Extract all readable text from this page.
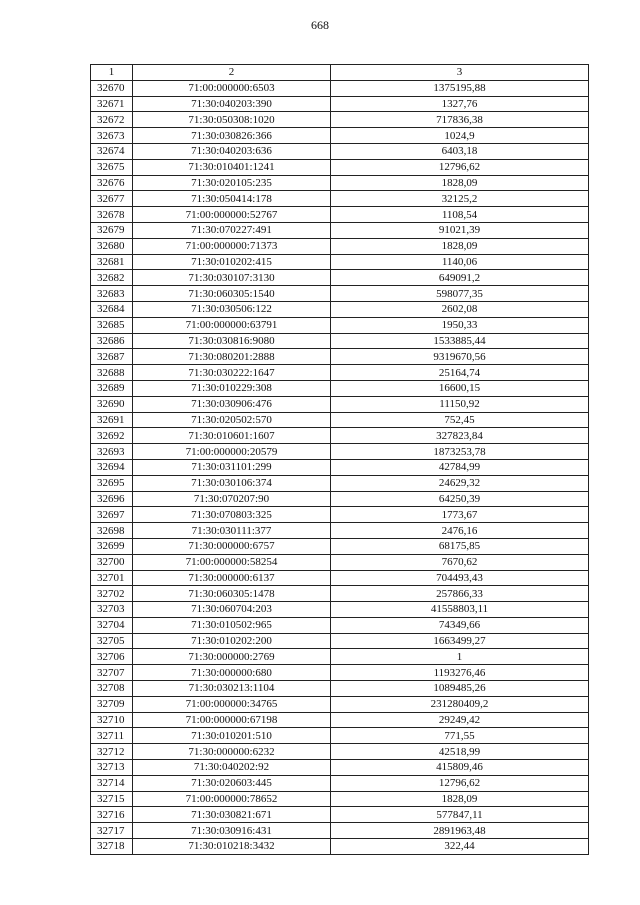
668
1	2	3
32670	71:00:000000:6503	1375195,88
32671	71:30:040203:390	1327,76
32672	71:30:050308:1020	717836,38
32673	71:30:030826:366	1024,9
32674	71:30:040203:636	6403,18
32675	71:30:010401:1241	12796,62
32676	71:30:020105:235	1828,09
32677	71:30:050414:178	32125,2
32678	71:00:000000:52767	1108,54
32679	71:30:070227:491	91021,39
32680	71:00:000000:71373	1828,09
32681	71:30:010202:415	1140,06
32682	71:30:030107:3130	649091,2
32683	71:30:060305:1540	598077,35
32684	71:30:030506:122	2602,08
32685	71:00:000000:63791	1950,33
32686	71:30:030816:9080	1533885,44
32687	71:30:080201:2888	9319670,56
32688	71:30:030222:1647	25164,74
32689	71:30:010229:308	16600,15
32690	71:30:030906:476	11150,92
32691	71:30:020502:570	752,45
32692	71:30:010601:1607	327823,84
32693	71:00:000000:20579	1873253,78
32694	71:30:031101:299	42784,99
32695	71:30:030106:374	24629,32
32696	71:30:070207:90	64250,39
32697	71:30:070803:325	1773,67
32698	71:30:030111:377	2476,16
32699	71:30:000000:6757	68175,85
32700	71:00:000000:58254	7670,62
32701	71:30:000000:6137	704493,43
32702	71:30:060305:1478	257866,33
32703	71:30:060704:203	41558803,11
32704	71:30:010502:965	74349,66
32705	71:30:010202:200	1663499,27
32706	71:30:000000:2769	1
32707	71:30:000000:680	1193276,46
32708	71:30:030213:1104	1089485,26
32709	71:00:000000:34765	231280409,2
32710	71:00:000000:67198	29249,42
32711	71:30:010201:510	771,55
32712	71:30:000000:6232	42518,99
32713	71:30:040202:92	415809,46
32714	71:30:020603:445	12796,62
32715	71:00:000000:78652	1828,09
32716	71:30:030821:671	577847,11
32717	71:30:030916:431	2891963,48
32718	71:30:010218:3432	322,44
